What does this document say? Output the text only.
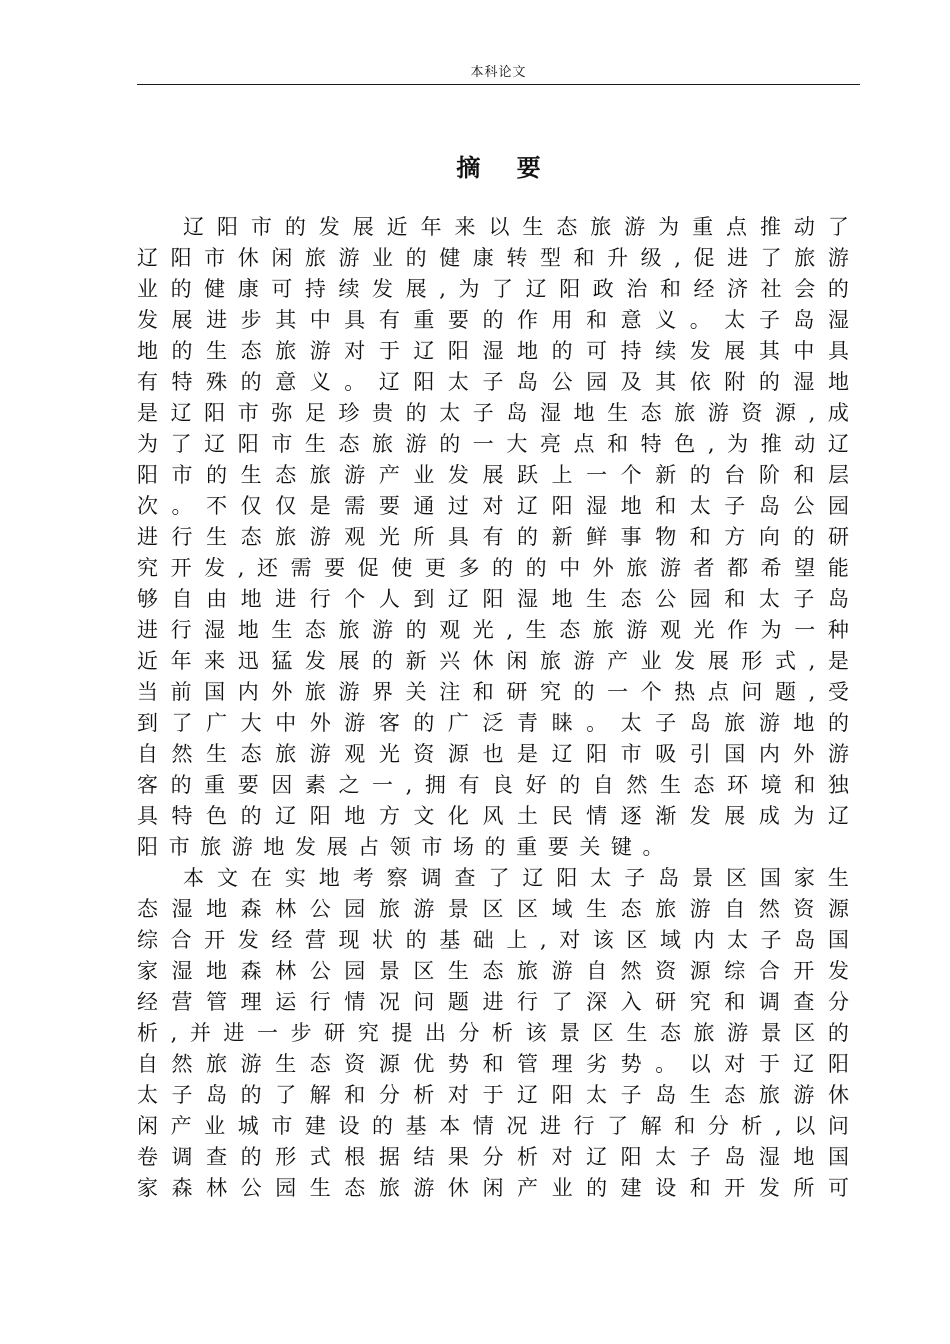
本科论文
摘 要
辽 阳 市 的 发 展 近 年 来 以 生 态 旅 游 为 重 点 推 动 了
辽 阳 市 休 闲 旅 游 业 的 健 康 转 型 和 升 级 , 促 进 了 旅 游
业 的 健 康 可 持 续 发 展 , 为 了 辽 阳 政 治 和 经 济 社 会 的
发 展 进 步 其 中 具 有 重 要 的 作 用 和 意 义 。 太 子 岛 湿
地 的 生 态 旅 游 对 于 辽 阳 湿 地 的 可 持 续 发 展 其 中 具
有 特 殊 的 意 义 。 辽 阳 太 子 岛 公 园 及 其 依 附 的 湿 地
是 辽 阳 市 弥 足 珍 贵 的 太 子 岛 湿 地 生 态 旅 游 资 源 , 成
为 了 辽 阳 市 生 态 旅 游 的 一 大 亮 点 和 特 色 , 为 推 动 辽
阳 市 的 生 态 旅 游 产 业 发 展 跃 上 一 个 新 的 台 阶 和 层
次 。 不 仅 仅 是 需 要 通 过 对 辽 阳 湿 地 和 太 子 岛 公 园
进 行 生 态 旅 游 观 光 所 具 有 的 新 鲜 事 物 和 方 向 的 研
究 开 发 , 还 需 要 促 使 更 多 的 的 中 外 旅 游 者 都 希 望 能
够 自 由 地 进 行 个 人 到 辽 阳 湿 地 生 态 公 园 和 太 子 岛
进 行 湿 地 生 态 旅 游 的 观 光 , 生 态 旅 游 观 光 作 为 一 种
近 年 来 迅 猛 发 展 的 新 兴 休 闲 旅 游 产 业 发 展 形 式 , 是
当 前 国 内 外 旅 游 界 关 注 和 研 究 的 一 个 热 点 问 题 , 受
到 了 广 大 中 外 游 客 的 广 泛 青 睐 。 太 子 岛 旅 游 地 的
自 然 生 态 旅 游 观 光 资 源 也 是 辽 阳 市 吸 引 国 内 外 游
客 的 重 要 因 素 之 一 , 拥 有 良 好 的 自 然 生 态 环 境 和 独
具 特 色 的 辽 阳 地 方 文 化 风 土 民 情 逐 渐 发 展 成 为 辽
阳 市 旅 游 地 发 展 占 领 市 场 的 重 要 关 键 。
本 文 在 实 地 考 察 调 查 了 辽 阳 太 子 岛 景 区 国 家 生
态 湿 地 森 林 公 园 旅 游 景 区 区 域 生 态 旅 游 自 然 资 源
综 合 开 发 经 营 现 状 的 基 础 上 , 对 该 区 域 内 太 子 岛 国
家 湿 地 森 林 公 园 景 区 生 态 旅 游 自 然 资 源 综 合 开 发
经 营 管 理 运 行 情 况 问 题 进 行 了 深 入 研 究 和 调 查 分
析 , 并 进 一 步 研 究 提 出 分 析 该 景 区 生 态 旅 游 景 区 的
自 然 旅 游 生 态 资 源 优 势 和 管 理 劣 势 。 以 对 于 辽 阳
太 子 岛 的 了 解 和 分 析 对 于 辽 阳 太 子 岛 生 态 旅 游 休
闲 产 业 城 市 建 设 的 基 本 情 况 进 行 了 解 和 分 析 , 以 问
卷 调 查 的 形 式 根 据 结 果 分 析 对 辽 阳 太 子 岛 湿 地 国
家 森 林 公 园 生 态 旅 游 休 闲 产 业 的 建 设 和 开 发 所 可
